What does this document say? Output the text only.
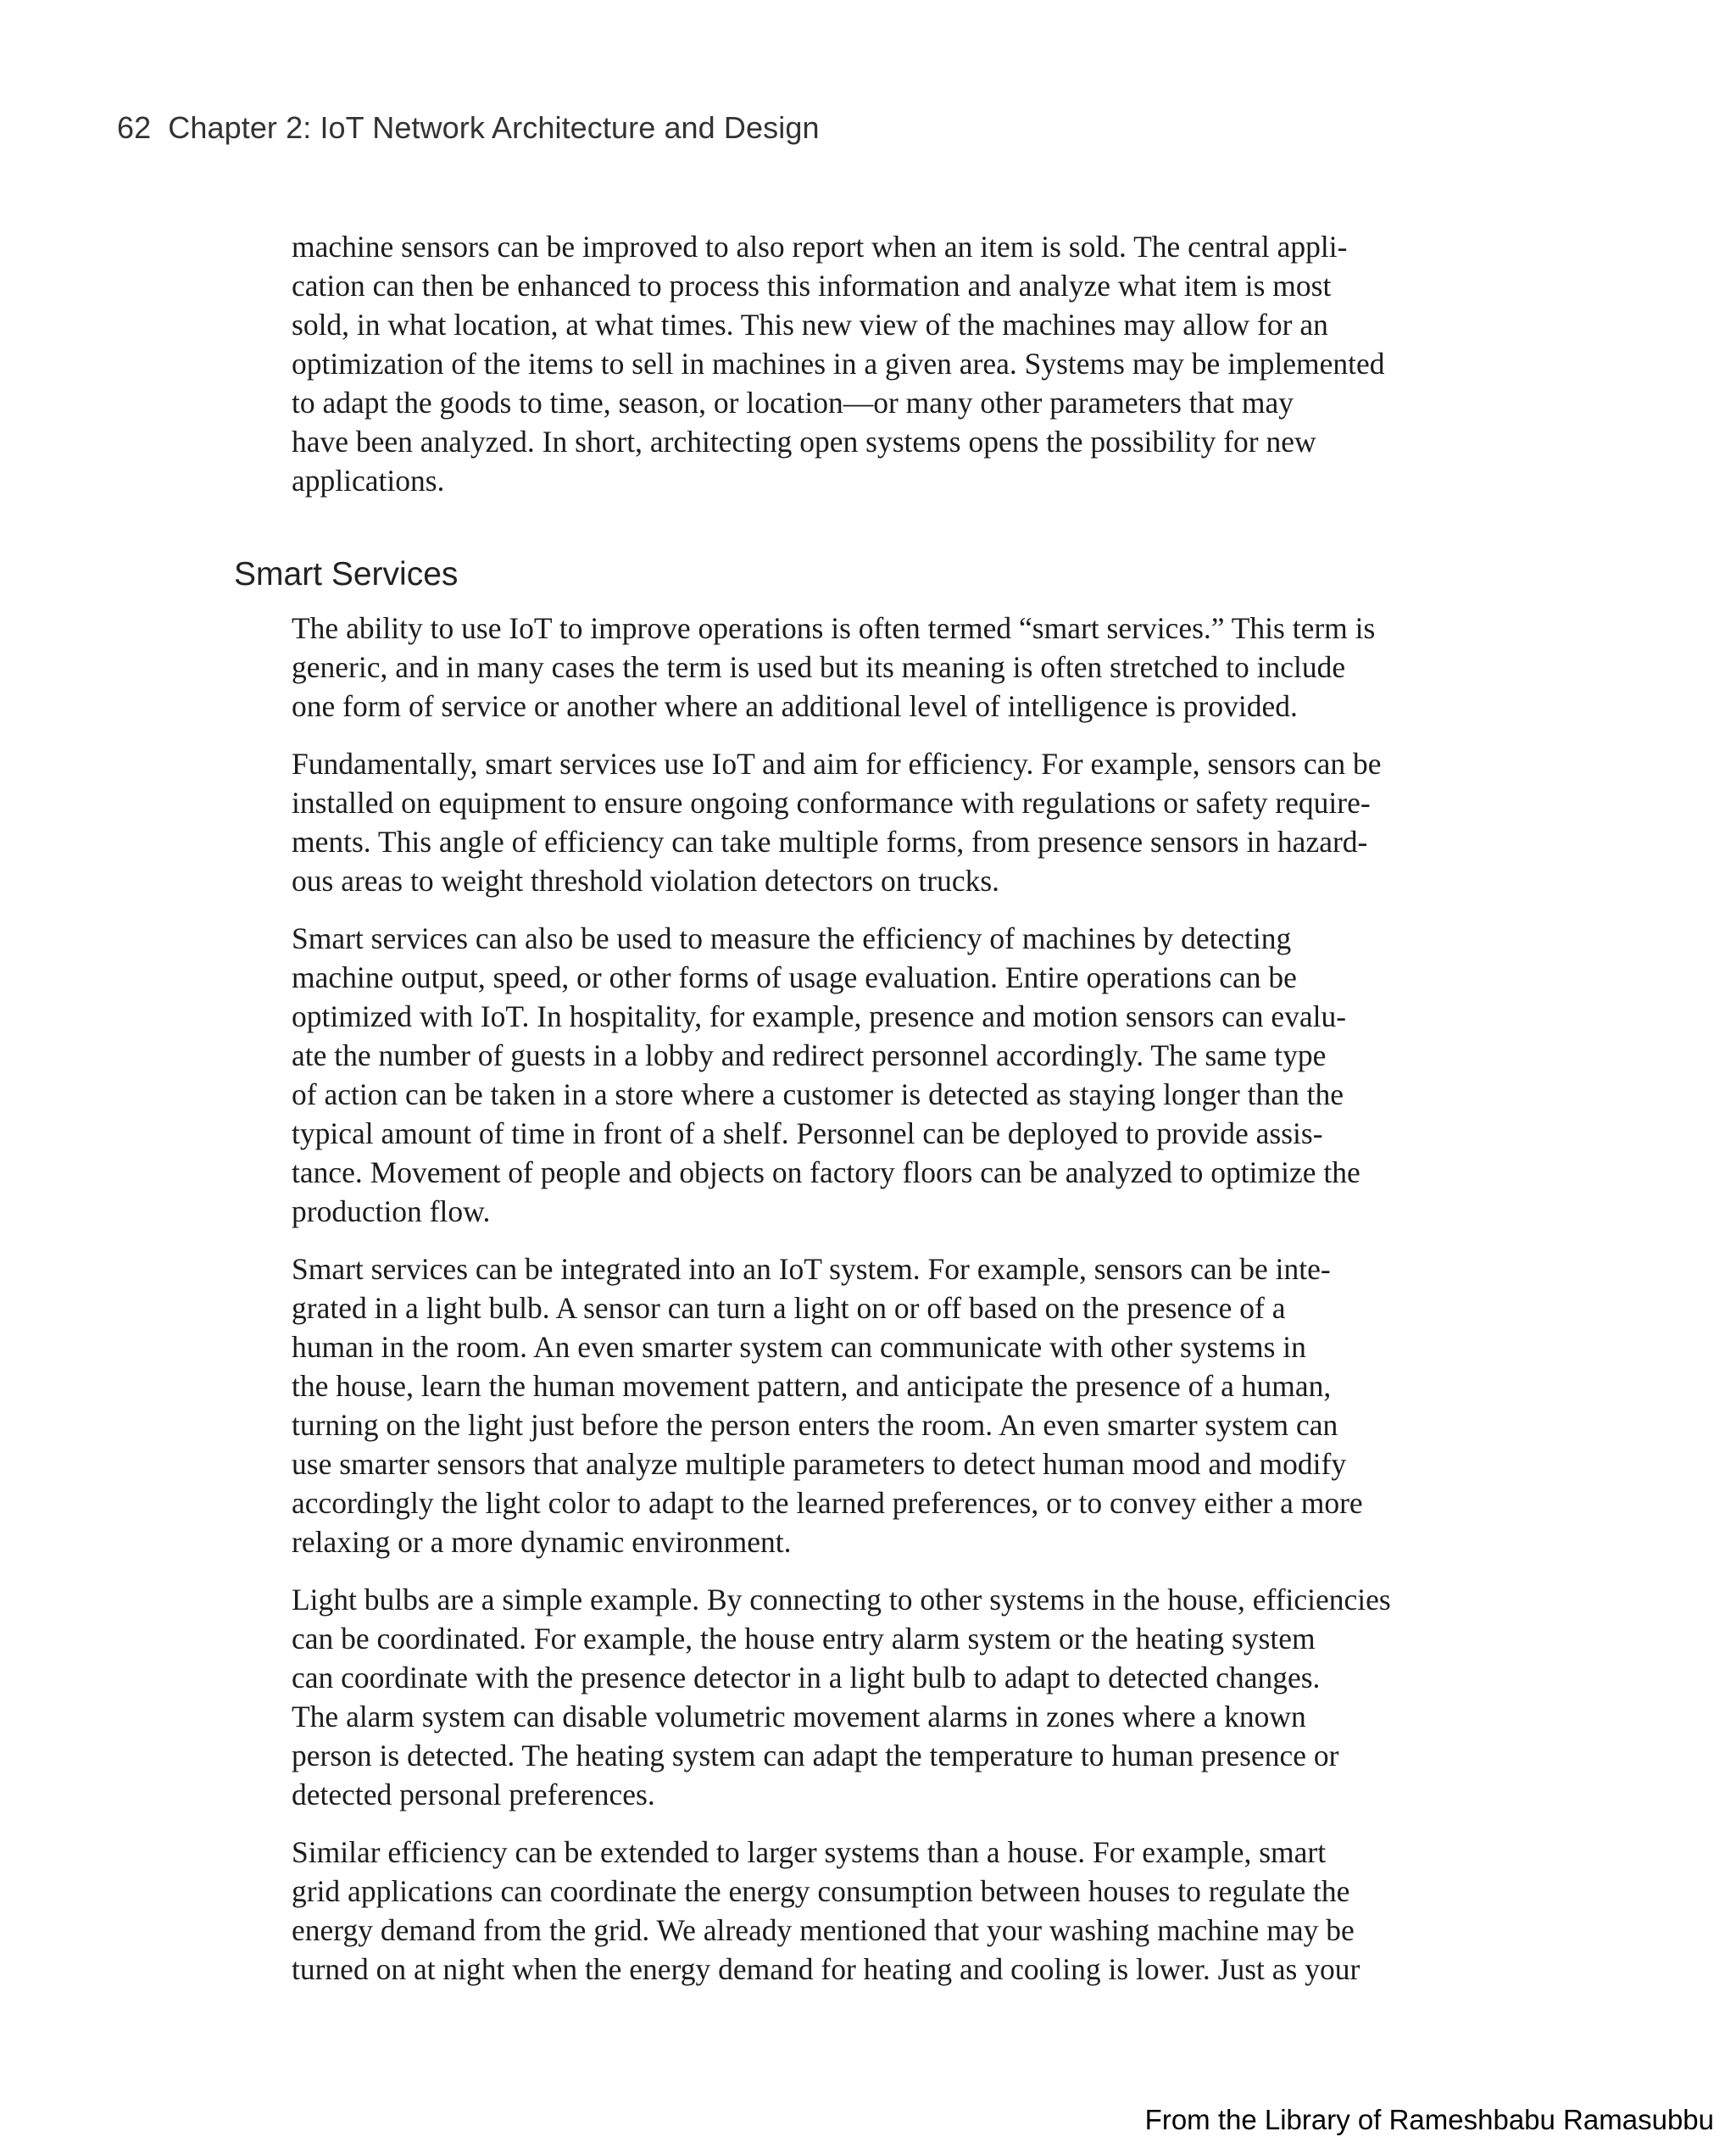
62 Chapter 2: IoT Network Architecture and Design

machine sensors can be improved to also report when an item is sold. The central appli-
cation can then be enhanced to process this information and analyze what item is most
sold, in what location, at what times. This new view of the machines may allow for an
optimization of the items to sell in machines in a given area. Systems may be implemented
to adapt the goods to time, season, or location—or many other parameters that may
have been analyzed. In short, architecting open systems opens the possibility for new
applications.

Smart Services

The ability to use IoT to improve operations is often termed “smart services.” This term is
generic, and in many cases the term is used but its meaning is often stretched to include
one form of service or another where an additional level of intelligence is provided.

Fundamentally, smart services use IoT and aim for efficiency. For example, sensors can be
installed on equipment to ensure ongoing conformance with regulations or safety require-
ments. This angle of efficiency can take multiple forms, from presence sensors in hazard-
ous areas to weight threshold violation detectors on trucks.

Smart services can also be used to measure the efficiency of machines by detecting
machine output, speed, or other forms of usage evaluation. Entire operations can be
optimized with IoT. In hospitality, for example, presence and motion sensors can evalu-
ate the number of guests in a lobby and redirect personnel accordingly. The same type
of action can be taken in a store where a customer is detected as staying longer than the
typical amount of time in front of a shelf. Personnel can be deployed to provide assis-
tance. Movement of people and objects on factory floors can be analyzed to optimize the
production flow.

Smart services can be integrated into an IoT system. For example, sensors can be inte-
grated in a light bulb. A sensor can turn a light on or off based on the presence of a
human in the room. An even smarter system can communicate with other systems in
the house, learn the human movement pattern, and anticipate the presence of a human,
turning on the light just before the person enters the room. An even smarter system can
use smarter sensors that analyze multiple parameters to detect human mood and modify
accordingly the light color to adapt to the learned preferences, or to convey either a more
relaxing or a more dynamic environment.

Light bulbs are a simple example. By connecting to other systems in the house, efficiencies
can be coordinated. For example, the house entry alarm system or the heating system
can coordinate with the presence detector in a light bulb to adapt to detected changes.
The alarm system can disable volumetric movement alarms in zones where a known
person is detected. The heating system can adapt the temperature to human presence or
detected personal preferences.

Similar efficiency can be extended to larger systems than a house. For example, smart
grid applications can coordinate the energy consumption between houses to regulate the
energy demand from the grid. We already mentioned that your washing machine may be
turned on at night when the energy demand for heating and cooling is lower. Just as your

From the Library of Rameshbabu Ramasubbu
